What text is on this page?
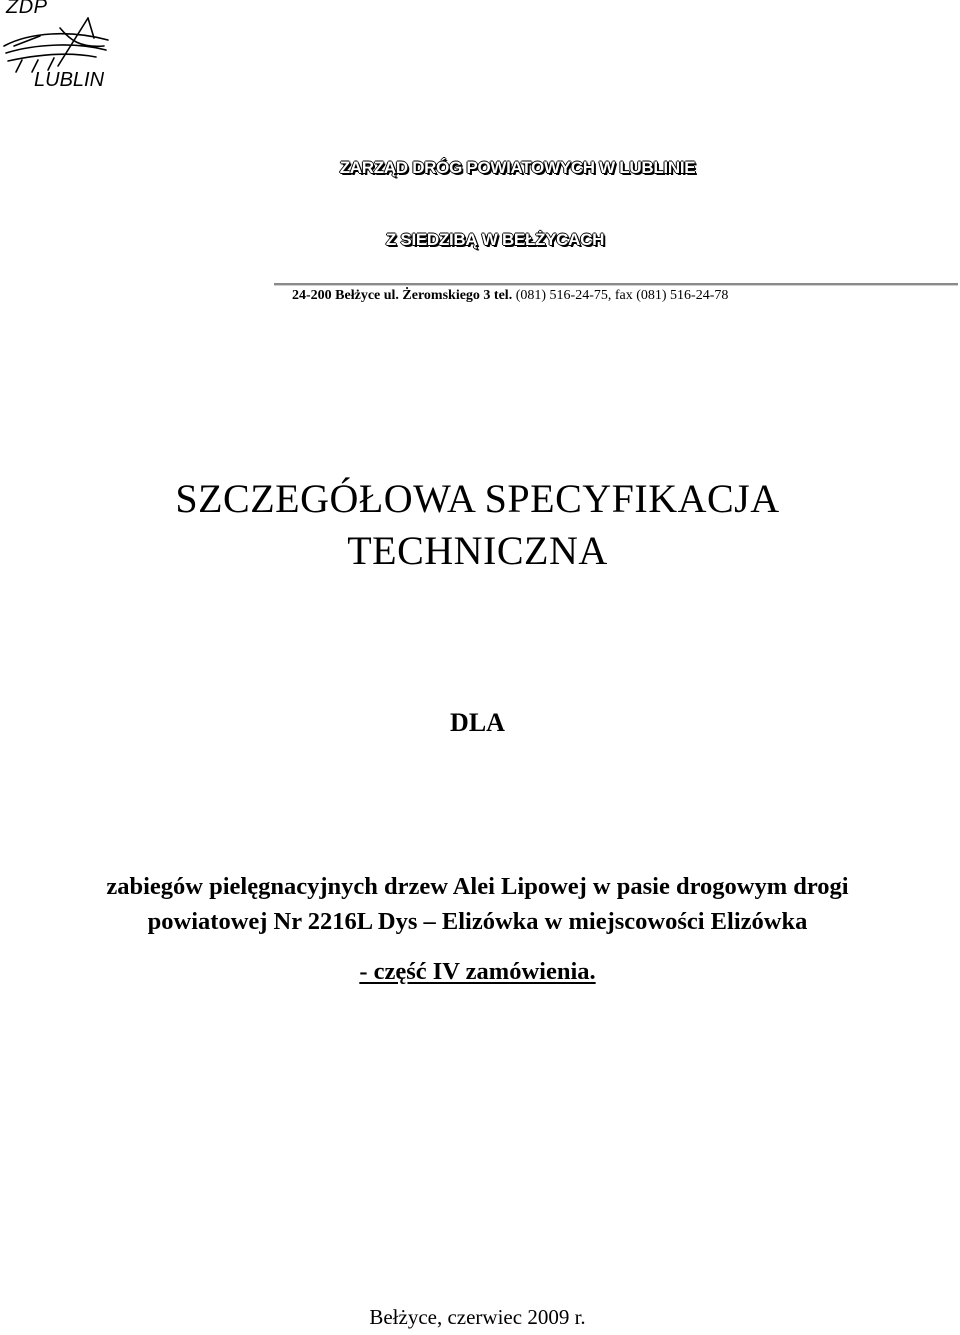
ZDP
LUBLIN
ZARZĄD DRÓG POWIATOWYCH W LUBLINIE
Z SIEDZIBĄ W BEŁŻYCACH
24-200 Bełżyce ul. Żeromskiego 3 tel. (081) 516-24-75, fax (081) 516-24-78
SZCZEGÓŁOWA SPECYFIKACJA
TECHNICZNA
DLA
zabiegów pielęgnacyjnych drzew Alei Lipowej w pasie drogowym drogi
powiatowej Nr 2216L Dys – Elizówka w miejscowości Elizówka
- część IV zamówienia.
Bełżyce, czerwiec 2009 r.
